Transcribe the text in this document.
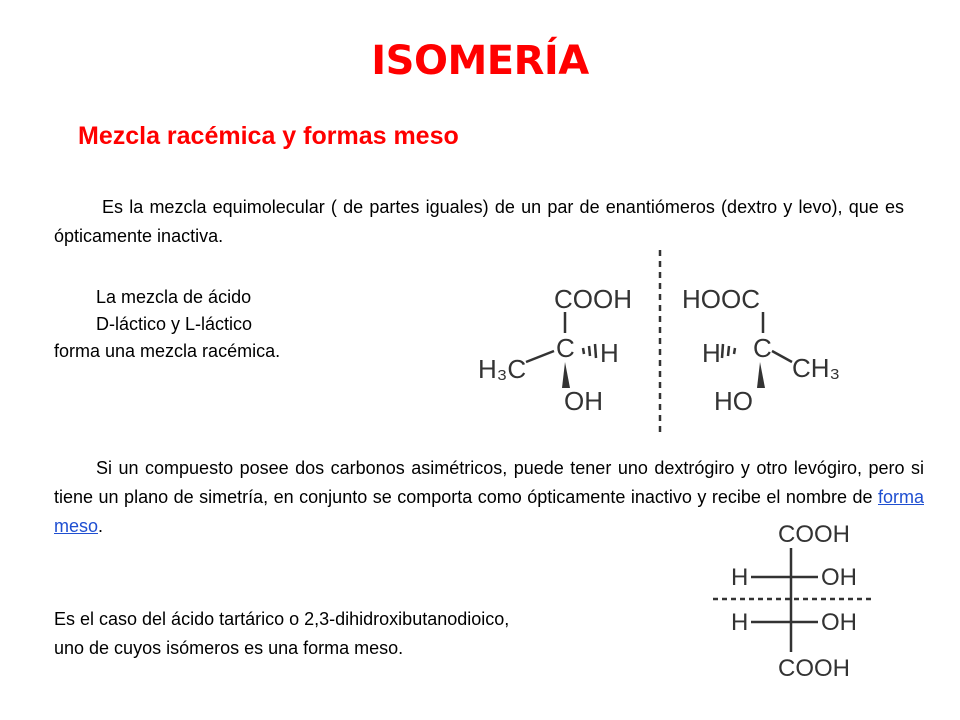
ISOMERÍA
Mezcla racémica y formas meso

Es la mezcla equimolecular ( de partes iguales) de un par de enantiómeros (dextro y levo), que es ópticamente inactiva.

La mezcla de ácido
D-láctico y L-láctico
forma una mezcla racémica.

Si un compuesto posee dos carbonos asimétricos, puede tener uno dextrógiro y otro levógiro, pero si tiene un plano de simetría, en conjunto se comporta como ópticamente inactivo y recibe el nombre de forma meso.

Es el caso del ácido tartárico o 2,3-dihidroxibutanodioico,
uno de cuyos isómeros es una forma meso.
COOH
C
H₃C
H
OH
HOOC
C
H	CH₃
HO
COOH
H	OH
H	OH
COOH
